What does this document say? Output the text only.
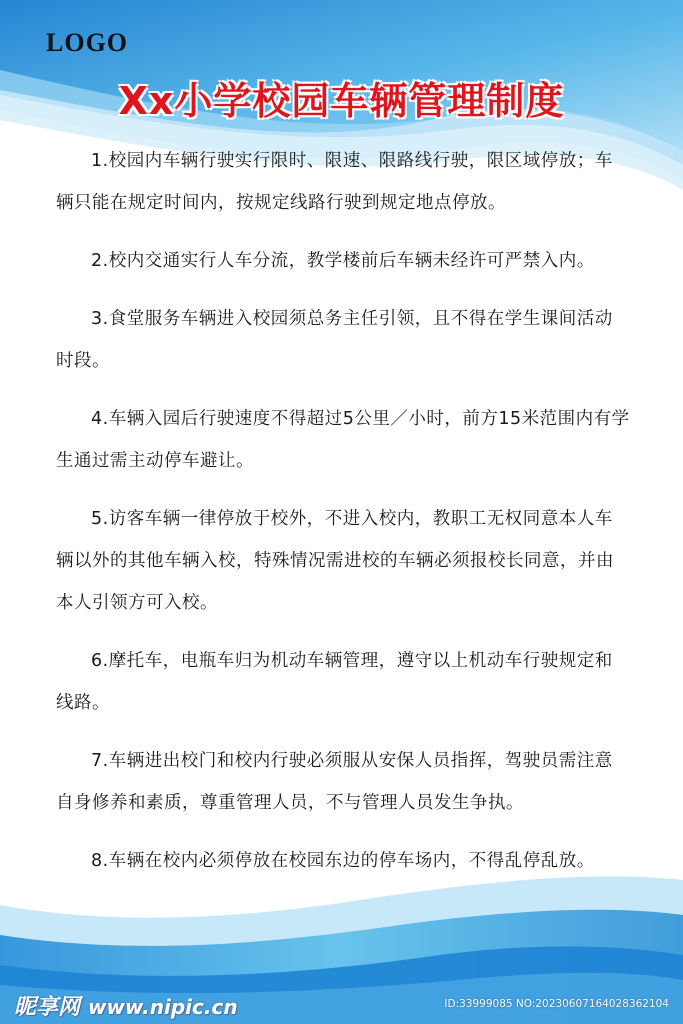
LOGO
Xx小学校园车辆管理制度

1.校园内车辆行驶实行限时、限速、限路线行驶，限区域停放；车辆只能在规定时间内，按规定线路行驶到规定地点停放。

2.校内交通实行人车分流，教学楼前后车辆未经许可严禁入内。

3.食堂服务车辆进入校园须总务主任引领，且不得在学生课间活动时段。

4.车辆入园后行驶速度不得超过5公里／小时，前方15米范围内有学生通过需主动停车避让。

5.访客车辆一律停放于校外，不进入校内，教职工无权同意本人车辆以外的其他车辆入校，特殊情况需进校的车辆必须报校长同意，并由本人引领方可入校。

6.摩托车，电瓶车归为机动车辆管理，遵守以上机动车行驶规定和线路。

7.车辆进出校门和校内行驶必须服从安保人员指挥，驾驶员需注意自身修养和素质，尊重管理人员，不与管理人员发生争执。

8.车辆在校内必须停放在校园东边的停车场内，不得乱停乱放。

昵享网 www.nipic.cn	ID:33999085 NO:20230607164028362104
